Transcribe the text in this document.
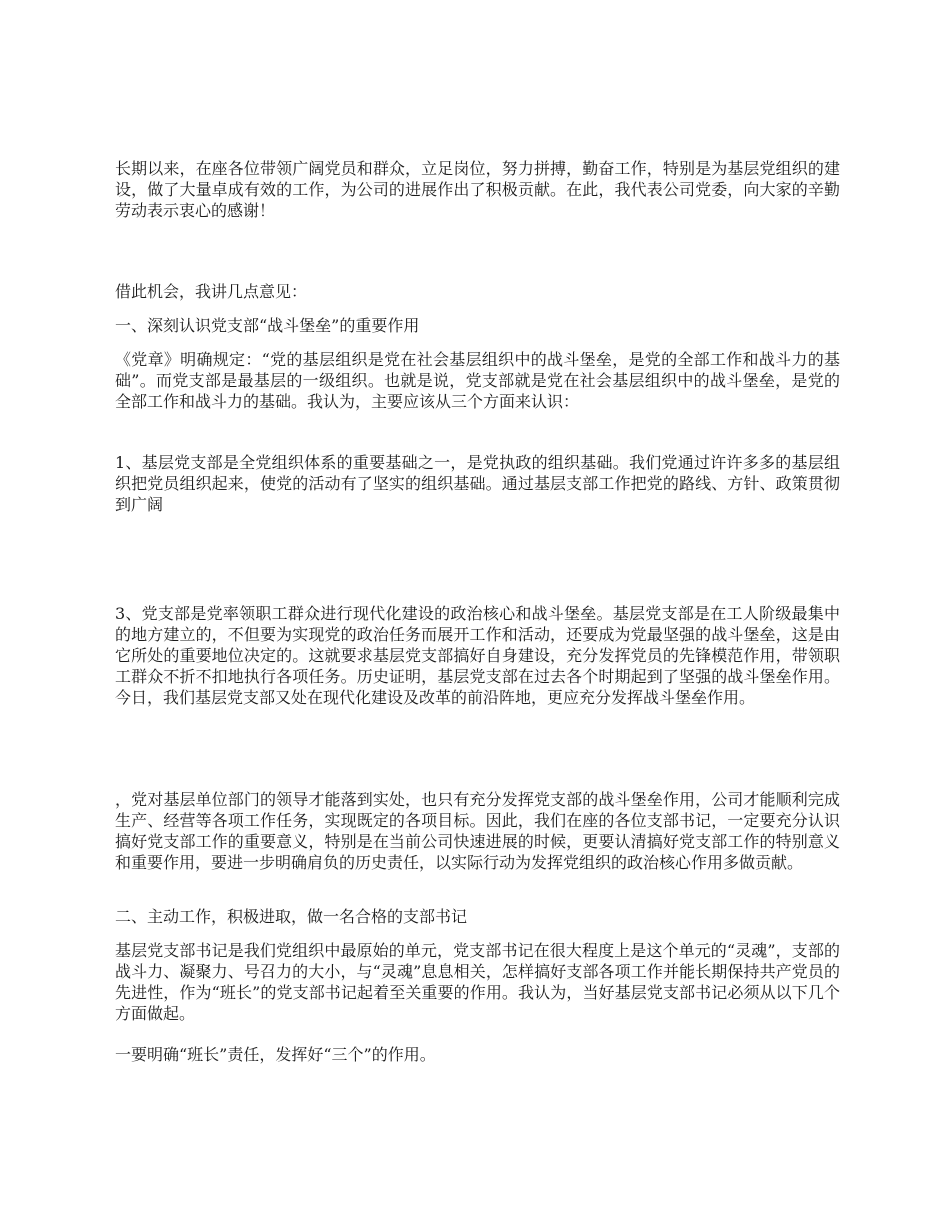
长期以来，在座各位带领广阔党员和群众，立足岗位，努力拼搏，勤奋工作，特别是为基层党组织的建设，做了大量卓成有效的工作，为公司的进展作出了积极贡献。在此，我代表公司党委，向大家的辛勤劳动表示衷心的感谢！

借此机会，我讲几点意见：

一、深刻认识党支部“战斗堡垒”的重要作用

《党章》明确规定：“党的基层组织是党在社会基层组织中的战斗堡垒，是党的全部工作和战斗力的基础”。而党支部是最基层的一级组织。也就是说，党支部就是党在社会基层组织中的战斗堡垒，是党的全部工作和战斗力的基础。我认为，主要应该从三个方面来认识：

1、基层党支部是全党组织体系的重要基础之一，是党执政的组织基础。我们党通过许许多多的基层组织把党员组织起来，使党的活动有了坚实的组织基础。通过基层支部工作把党的路线、方针、政策贯彻到广阔

3、党支部是党率领职工群众进行现代化建设的政治核心和战斗堡垒。基层党支部是在工人阶级最集中的地方建立的，不但要为实现党的政治任务而展开工作和活动，还要成为党最坚强的战斗堡垒，这是由它所处的重要地位决定的。这就要求基层党支部搞好自身建设，充分发挥党员的先锋模范作用，带领职工群众不折不扣地执行各项任务。历史证明，基层党支部在过去各个时期起到了坚强的战斗堡垒作用。今日，我们基层党支部又处在现代化建设及改革的前沿阵地，更应充分发挥战斗堡垒作用。

，党对基层单位部门的领导才能落到实处，也只有充分发挥党支部的战斗堡垒作用，公司才能顺利完成生产、经营等各项工作任务，实现既定的各项目标。因此，我们在座的各位支部书记，一定要充分认识搞好党支部工作的重要意义，特别是在当前公司快速进展的时候，更要认清搞好党支部工作的特别意义和重要作用，要进一步明确肩负的历史责任，以实际行动为发挥党组织的政治核心作用多做贡献。

二、主动工作，积极进取，做一名合格的支部书记

基层党支部书记是我们党组织中最原始的单元，党支部书记在很大程度上是这个单元的“灵魂”，支部的战斗力、凝聚力、号召力的大小，与“灵魂”息息相关，怎样搞好支部各项工作并能长期保持共产党员的先进性，作为“班长”的党支部书记起着至关重要的作用。我认为，当好基层党支部书记必须从以下几个方面做起。

一要明确“班长”责任，发挥好“三个”的作用。
